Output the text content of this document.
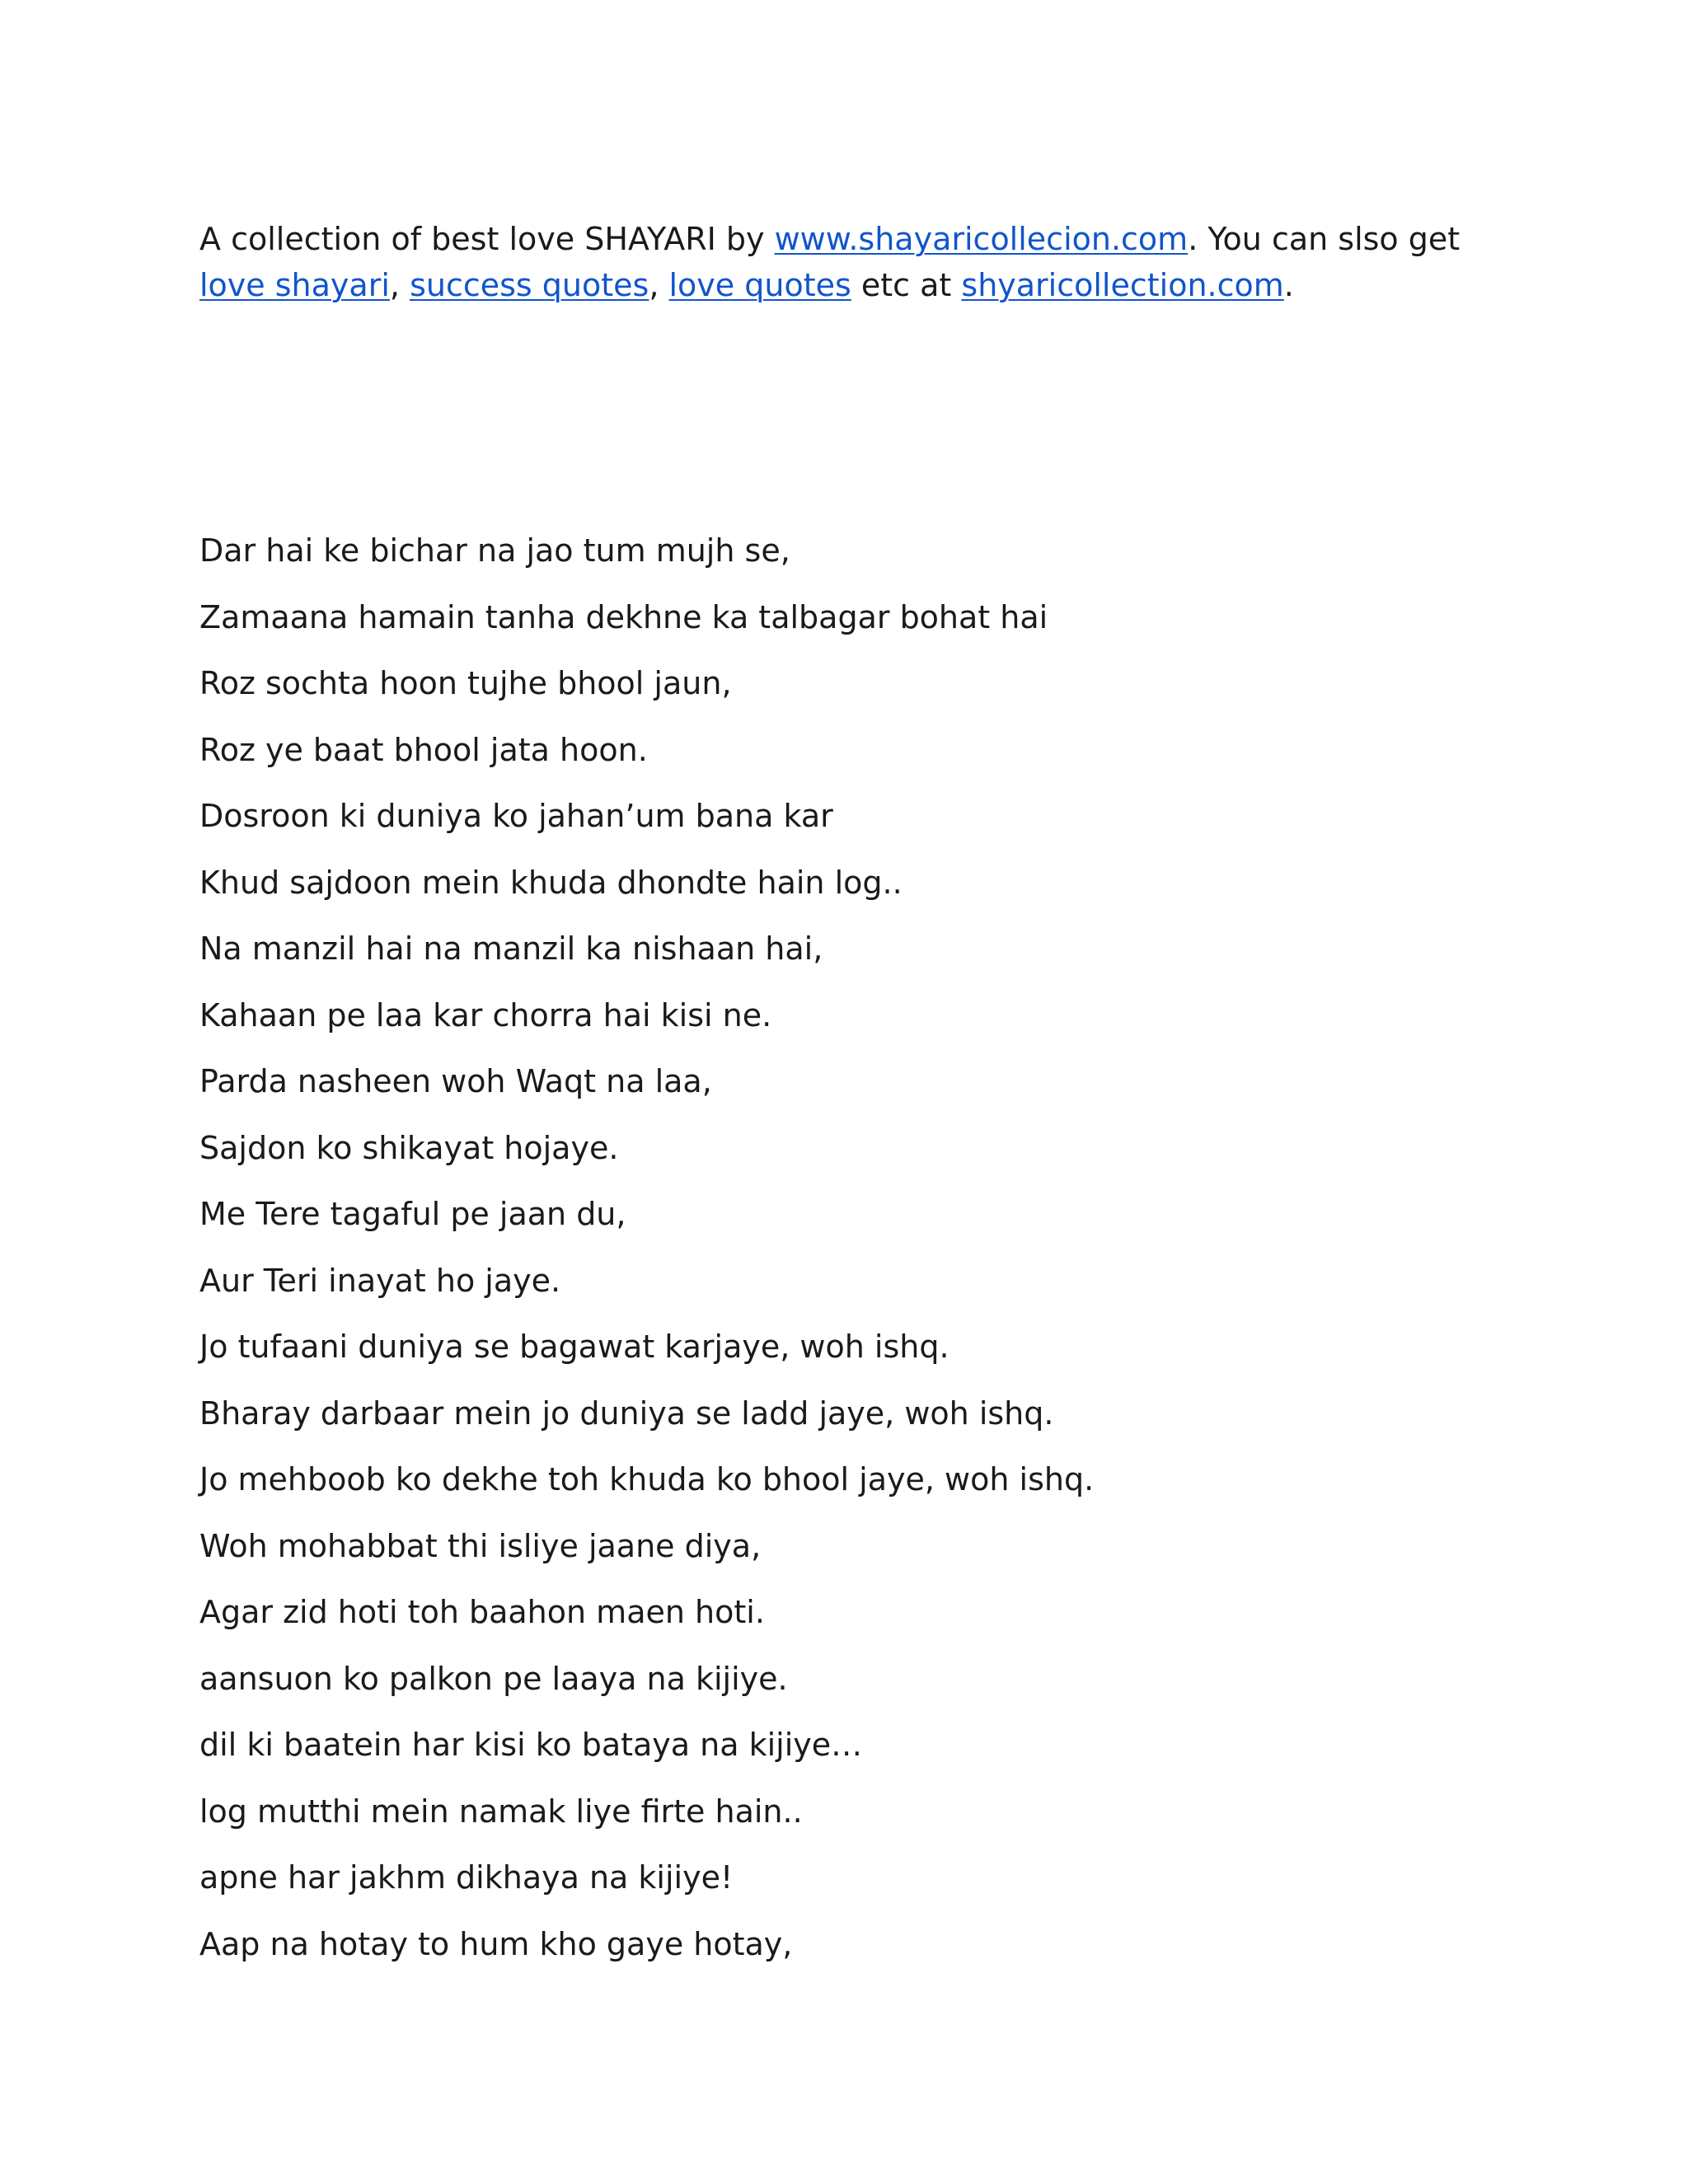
A collection of best love SHAYARI by www.shayaricollecion.com. You can slso get love shayari, success quotes, love quotes etc at shyaricollection.com.

Dar hai ke bichar na jao tum mujh se,
Zamaana hamain tanha dekhne ka talbagar bohat hai
Roz sochta hoon tujhe bhool jaun,
Roz ye baat bhool jata hoon.
Dosroon ki duniya ko jahan’um bana kar
Khud sajdoon mein khuda dhondte hain log..
Na manzil hai na manzil ka nishaan hai,
Kahaan pe laa kar chorra hai kisi ne.
Parda nasheen woh Waqt na laa,
Sajdon ko shikayat hojaye.
Me Tere tagaful pe jaan du,
Aur Teri inayat ho jaye.
Jo tufaani duniya se bagawat karjaye, woh ishq.
Bharay darbaar mein jo duniya se ladd jaye, woh ishq.
Jo mehboob ko dekhe toh khuda ko bhool jaye, woh ishq.
Woh mohabbat thi isliye jaane diya,
Agar zid hoti toh baahon maen hoti.
aansuon ko palkon pe laaya na kijiye.
dil ki baatein har kisi ko bataya na kijiye…
log mutthi mein namak liye firte hain..
apne har jakhm dikhaya na kijiye!
Aap na hotay to hum kho gaye hotay,
